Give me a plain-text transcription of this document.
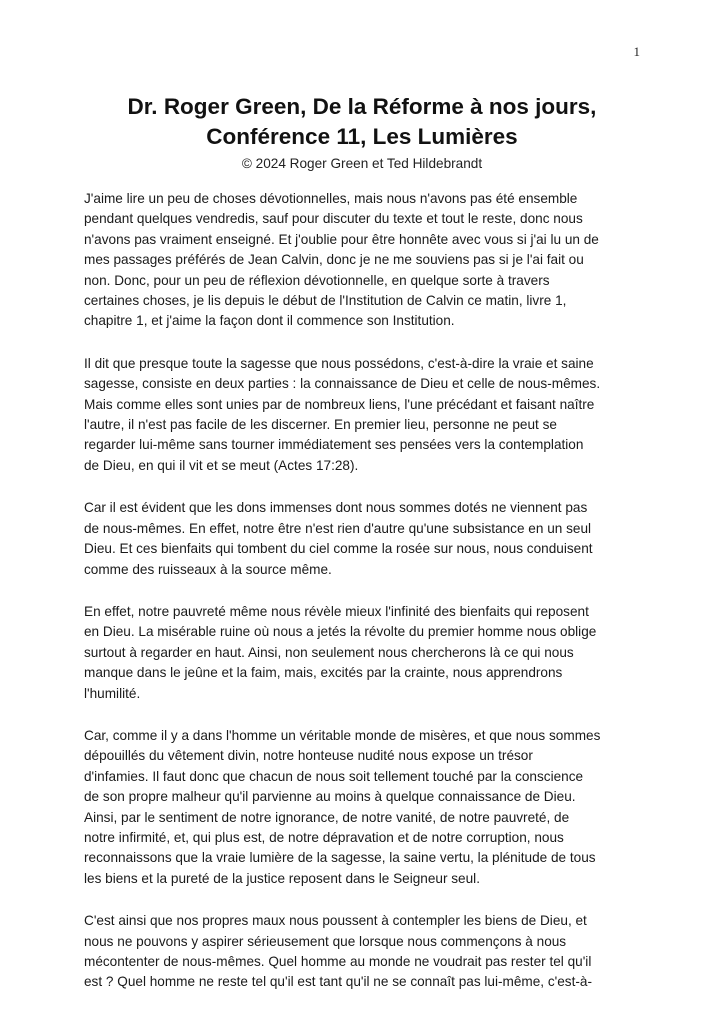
1
Dr. Roger Green, De la Réforme à nos jours,
Conférence 11, Les Lumières

© 2024 Roger Green et Ted Hildebrandt

J'aime lire un peu de choses dévotionnelles, mais nous n'avons pas été ensemble
pendant quelques vendredis, sauf pour discuter du texte et tout le reste, donc nous
n'avons pas vraiment enseigné. Et j'oublie pour être honnête avec vous si j'ai lu un de
mes passages préférés de Jean Calvin, donc je ne me souviens pas si je l'ai fait ou
non. Donc, pour un peu de réflexion dévotionnelle, en quelque sorte à travers
certaines choses, je lis depuis le début de l'Institution de Calvin ce matin, livre 1,
chapitre 1, et j'aime la façon dont il commence son Institution.

Il dit que presque toute la sagesse que nous possédons, c'est-à-dire la vraie et saine
sagesse, consiste en deux parties : la connaissance de Dieu et celle de nous-mêmes.
Mais comme elles sont unies par de nombreux liens, l'une précédant et faisant naître
l'autre, il n'est pas facile de les discerner. En premier lieu, personne ne peut se
regarder lui-même sans tourner immédiatement ses pensées vers la contemplation
de Dieu, en qui il vit et se meut (Actes 17:28).

Car il est évident que les dons immenses dont nous sommes dotés ne viennent pas
de nous-mêmes. En effet, notre être n'est rien d'autre qu'une subsistance en un seul
Dieu. Et ces bienfaits qui tombent du ciel comme la rosée sur nous, nous conduisent
comme des ruisseaux à la source même.

En effet, notre pauvreté même nous révèle mieux l'infinité des bienfaits qui reposent
en Dieu. La misérable ruine où nous a jetés la révolte du premier homme nous oblige
surtout à regarder en haut. Ainsi, non seulement nous chercherons là ce qui nous
manque dans le jeûne et la faim, mais, excités par la crainte, nous apprendrons
l'humilité.

Car, comme il y a dans l'homme un véritable monde de misères, et que nous sommes
dépouillés du vêtement divin, notre honteuse nudité nous expose un trésor
d'infamies. Il faut donc que chacun de nous soit tellement touché par la conscience
de son propre malheur qu'il parvienne au moins à quelque connaissance de Dieu.
Ainsi, par le sentiment de notre ignorance, de notre vanité, de notre pauvreté, de
notre infirmité, et, qui plus est, de notre dépravation et de notre corruption, nous
reconnaissons que la vraie lumière de la sagesse, la saine vertu, la plénitude de tous
les biens et la pureté de la justice reposent dans le Seigneur seul.

C'est ainsi que nos propres maux nous poussent à contempler les biens de Dieu, et
nous ne pouvons y aspirer sérieusement que lorsque nous commençons à nous
mécontenter de nous-mêmes. Quel homme au monde ne voudrait pas rester tel qu'il
est ? Quel homme ne reste tel qu'il est tant qu'il ne se connaît pas lui-même, c'est-à-
